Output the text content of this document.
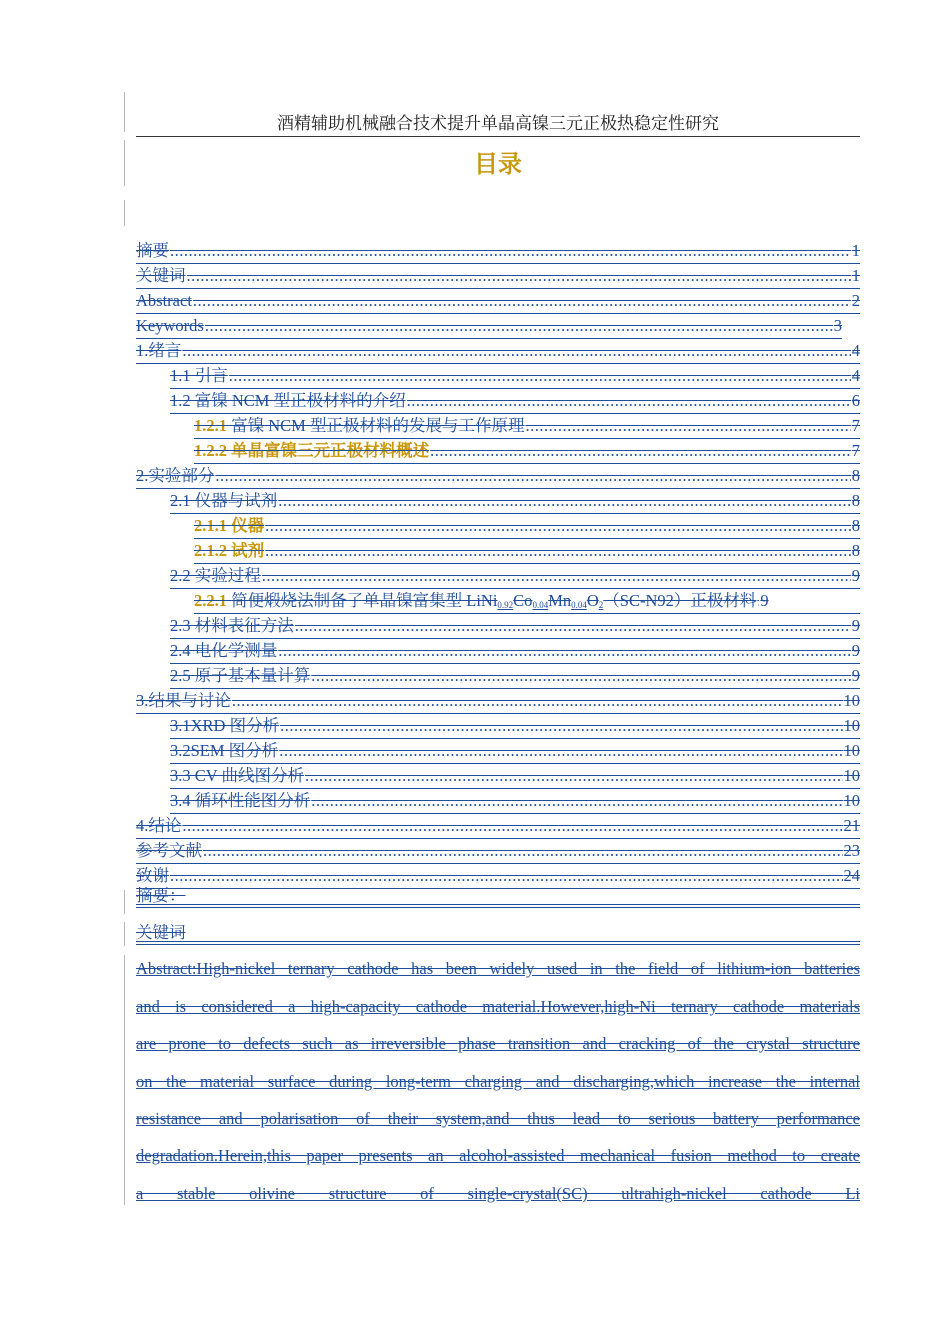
酒精辅助机械融合技术提升单晶高镍三元正极热稳定性研究
目录
摘要 .....	1
关键词 .....	1
Abstract .....	2
Keywords .....	3
1.绪言 .....	4
1.1 引言 .....	4
1.2 富镍 NCM 型正极材料的介绍 .....	6
1.2.1 富镍 NCM 型正极材料的发展与工作原理 .....	7
1.2.2 单晶富镍三元正极材料概述 .....	7
2.实验部分 .....	8
2.1 仪器与试剂 .....	8
2.1.1 仪器 .....	8
2.1.2 试剂 .....	8
2.2 实验过程 .....	9
2.2.1 简便煅烧法制备了单晶镍富集型 $LiNi_{0.92}Co_{0.04}Mn_{0.04}O_2(SC-N92)$正极材料 ..... 9
2.3 材料表征方法 .....	9
2.4 电化学测量 .....	9
2.5 原子基本量计算 .....	9
3.结果与讨论 .....	10
3.1XRD 图分析 .....	10
3.2SEM 图分析 .....	10
3.3 CV 曲线图分析 .....	10
3.4 循环性能图分析 .....	10
4.结论 .....	21
参考文献 .....	23
致谢 .....	24
摘要：
关键词
Abstract:High-nickel ternary cathode has been widely used in the field of lithium-ion batteries
and is considered a high-capacity cathode material.However,high-Ni ternary cathode materials
are prone to defects such as irreversible phase transition and cracking of the crystal structure
on the material surface during long-term charging and discharging,which increase the internal
resistance and polarisation of their system,and thus lead to serious battery performance
degradation.Herein,this paper presents an alcohol-assisted mechanical fusion method to create
a stable olivine structure of single-crystal(SC) ultrahigh-nickel cathode Li
